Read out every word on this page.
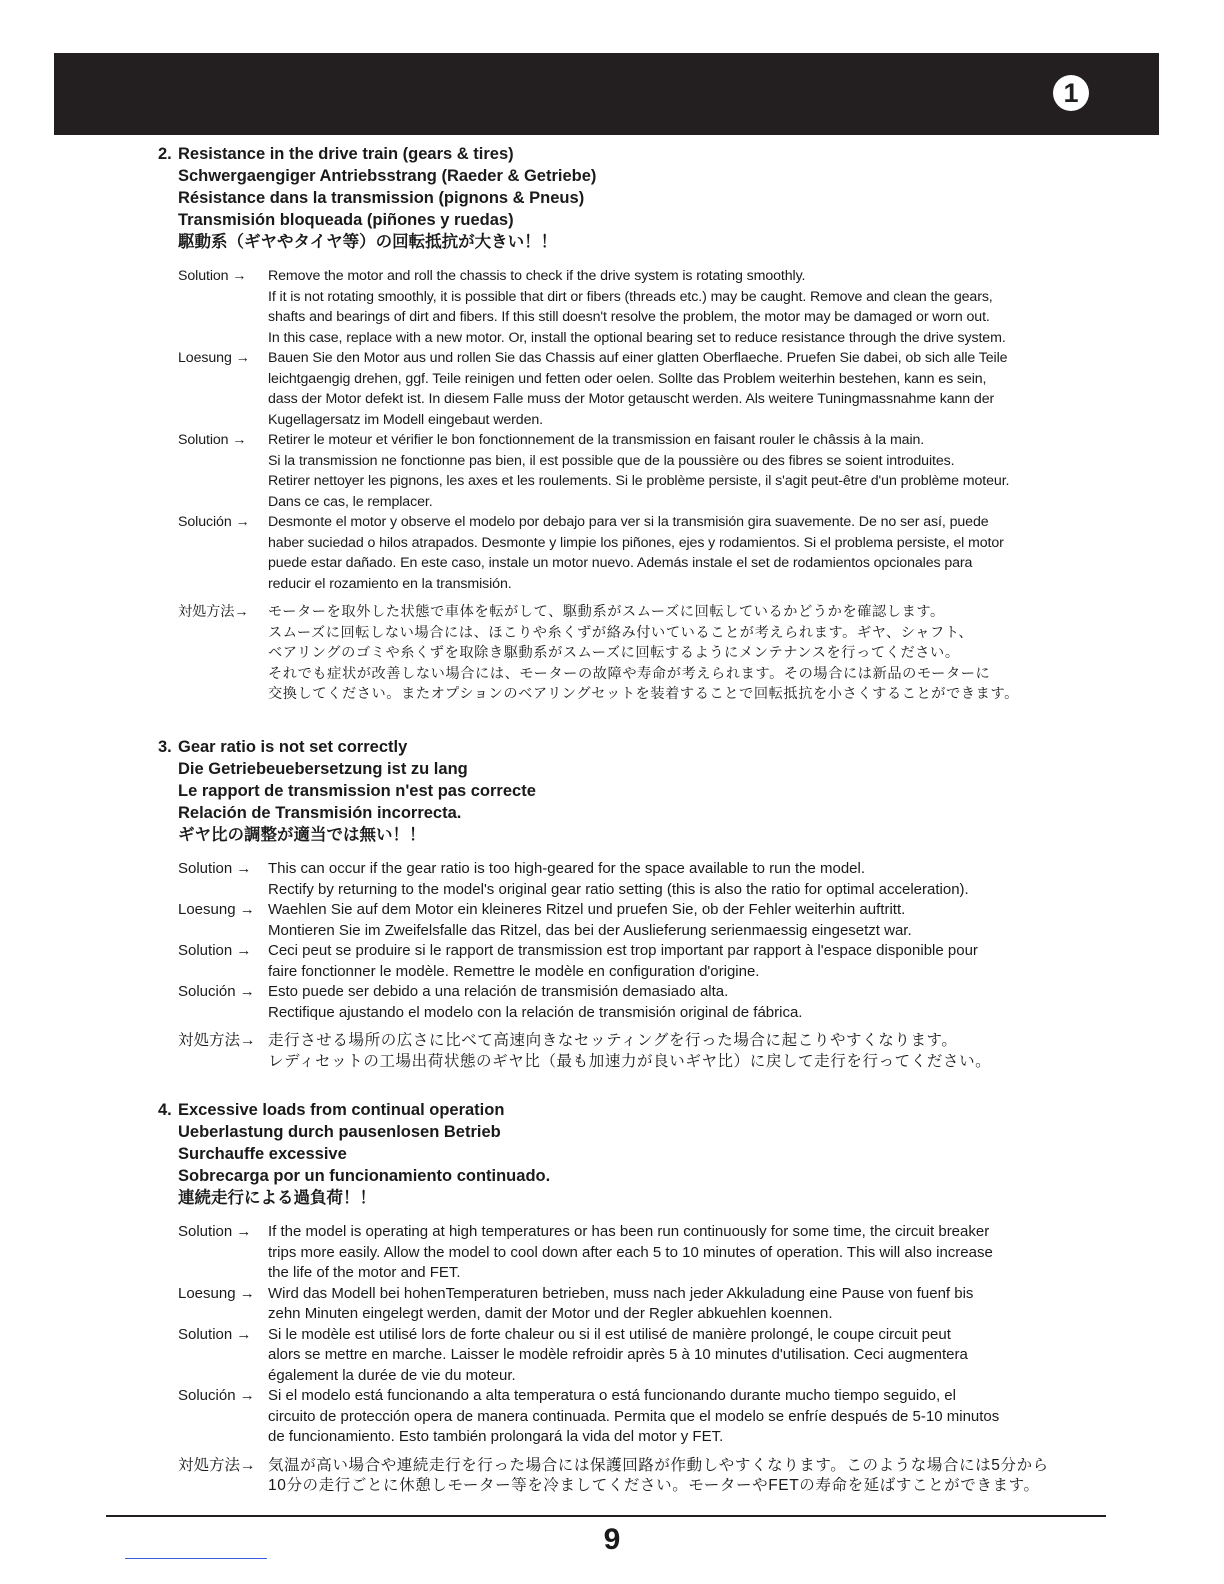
1
2. Resistance in the drive train (gears & tires)
Schwergaengiger Antriebsstrang (Raeder & Getriebe)
Résistance dans la transmission (pignons & Pneus)
Transmisión bloqueada (piñones y ruedas)
駆動系（ギヤやタイヤ等）の回転抵抗が大きい！！
Solution →	Remove the motor and roll the chassis to check if the drive system is rotating smoothly.
If it is not rotating smoothly, it is possible that dirt or fibers (threads etc.) may be caught. Remove and clean the gears,
shafts and bearings of dirt and fibers. If this still doesn't resolve the problem, the motor may be damaged or worn out.
In this case, replace with a new motor. Or, install the optional bearing set to reduce resistance through the drive system.
Loesung →	Bauen Sie den Motor aus und rollen Sie das Chassis auf einer glatten Oberflaeche. Pruefen Sie dabei, ob sich alle Teile
leichtgaengig drehen, ggf. Teile reinigen und fetten oder oelen. Sollte das Problem weiterhin bestehen, kann es sein,
dass der Motor defekt ist. In diesem Falle muss der Motor getauscht werden. Als weitere Tuningmassnahme kann der
Kugellagersatz im Modell eingebaut werden.
Solution →	Retirer le moteur et vérifier le bon fonctionnement de la transmission en faisant rouler le châssis à la main.
Si la transmission ne fonctionne pas bien, il est possible que de la poussière ou des fibres se soient introduites.
Retirer nettoyer les pignons, les axes et les roulements. Si le problème persiste, il s'agit peut-être d'un problème moteur.
Dans ce cas, le remplacer.
Solución →	Desmonte el motor y observe el modelo por debajo para ver si la transmisión gira suavemente. De no ser así, puede
haber suciedad o hilos atrapados. Desmonte y limpie los piñones, ejes y rodamientos. Si el problema persiste, el motor
puede estar dañado. En este caso, instale un motor nuevo. Además instale el set de rodamientos opcionales para
reducir el rozamiento en la transmisión.
対処方法→	モーターを取外した状態で車体を転がして、駆動系がスムーズに回転しているかどうかを確認します。
スムーズに回転しない場合には、ほこりや糸くずが絡み付いていることが考えられます。ギヤ、シャフト、
ベアリングのゴミや糸くずを取除き駆動系がスムーズに回転するようにメンテナンスを行ってください。
それでも症状が改善しない場合には、モーターの故障や寿命が考えられます。その場合には新品のモーターに
交換してください。またオプションのベアリングセットを装着することで回転抵抗を小さくすることができます。
3. Gear ratio is not set correctly
Die Getriebeuebersetzung ist zu lang
Le rapport de transmission n'est pas correcte
Relación de Transmisión incorrecta.
ギヤ比の調整が適当では無い！！
Solution →	This can occur if the gear ratio is too high-geared for the space available to run the model.
Rectify by returning to the model's original gear ratio setting (this is also the ratio for optimal acceleration).
Loesung → Waehlen Sie auf dem Motor ein kleineres Ritzel und pruefen Sie, ob der Fehler weiterhin auftritt.
Montieren Sie im Zweifelsfalle das Ritzel, das bei der Auslieferung serienmaessig eingesetzt war.
Solution →	Ceci peut se produire si le rapport de transmission est trop important par rapport à l'espace disponible pour
faire fonctionner le modèle. Remettre le modèle en configuration d'origine.
Solución → Esto puede ser debido a una relación de transmisión demasiado alta.
Rectifique ajustando el modelo con la relación de transmisión original de fábrica.
対処方法→ 走行させる場所の広さに比べて高速向きなセッティングを行った場合に起こりやすくなります。
レディセットの工場出荷状態のギヤ比（最も加速力が良いギヤ比）に戻して走行を行ってください。
4. Excessive loads from continual operation
Ueberlastung durch pausenlosen Betrieb
Surchauffe excessive
Sobrecarga por un funcionamiento continuado.
連続走行による過負荷！！
Solution →	If the model is operating at high temperatures or has been run continuously for some time, the circuit breaker
trips more easily. Allow the model to cool down after each 5 to 10 minutes of operation. This will also increase
the life of the motor and FET.
Loesung → Wird das Modell bei hohenTemperaturen betrieben, muss nach jeder Akkuladung eine Pause von fuenf bis
zehn Minuten eingelegt werden, damit der Motor und der Regler abkuehlen koennen.
Solution →	Si le modèle est utilisé lors de forte chaleur ou si il est utilisé de manière prolongé, le coupe circuit peut
alors se mettre en marche. Laisser le modèle refroidir après 5 à 10 minutes d'utilisation. Ceci augmentera
également la durée de vie du moteur.
Solución → Si el modelo está funcionando a alta temperatura o está funcionando durante mucho tiempo seguido, el
circuito de protección opera de manera continuada. Permita que el modelo se enfríe después de 5-10 minutos
de funcionamiento. Esto también prolongará la vida del motor y FET.
対処方法→ 気温が高い場合や連続走行を行った場合には保護回路が作動しやすくなります。このような場合には5分から
10分の走行ごとに休憩しモーター等を冷ましてください。モーターやFETの寿命を延ばすことができます。
9
